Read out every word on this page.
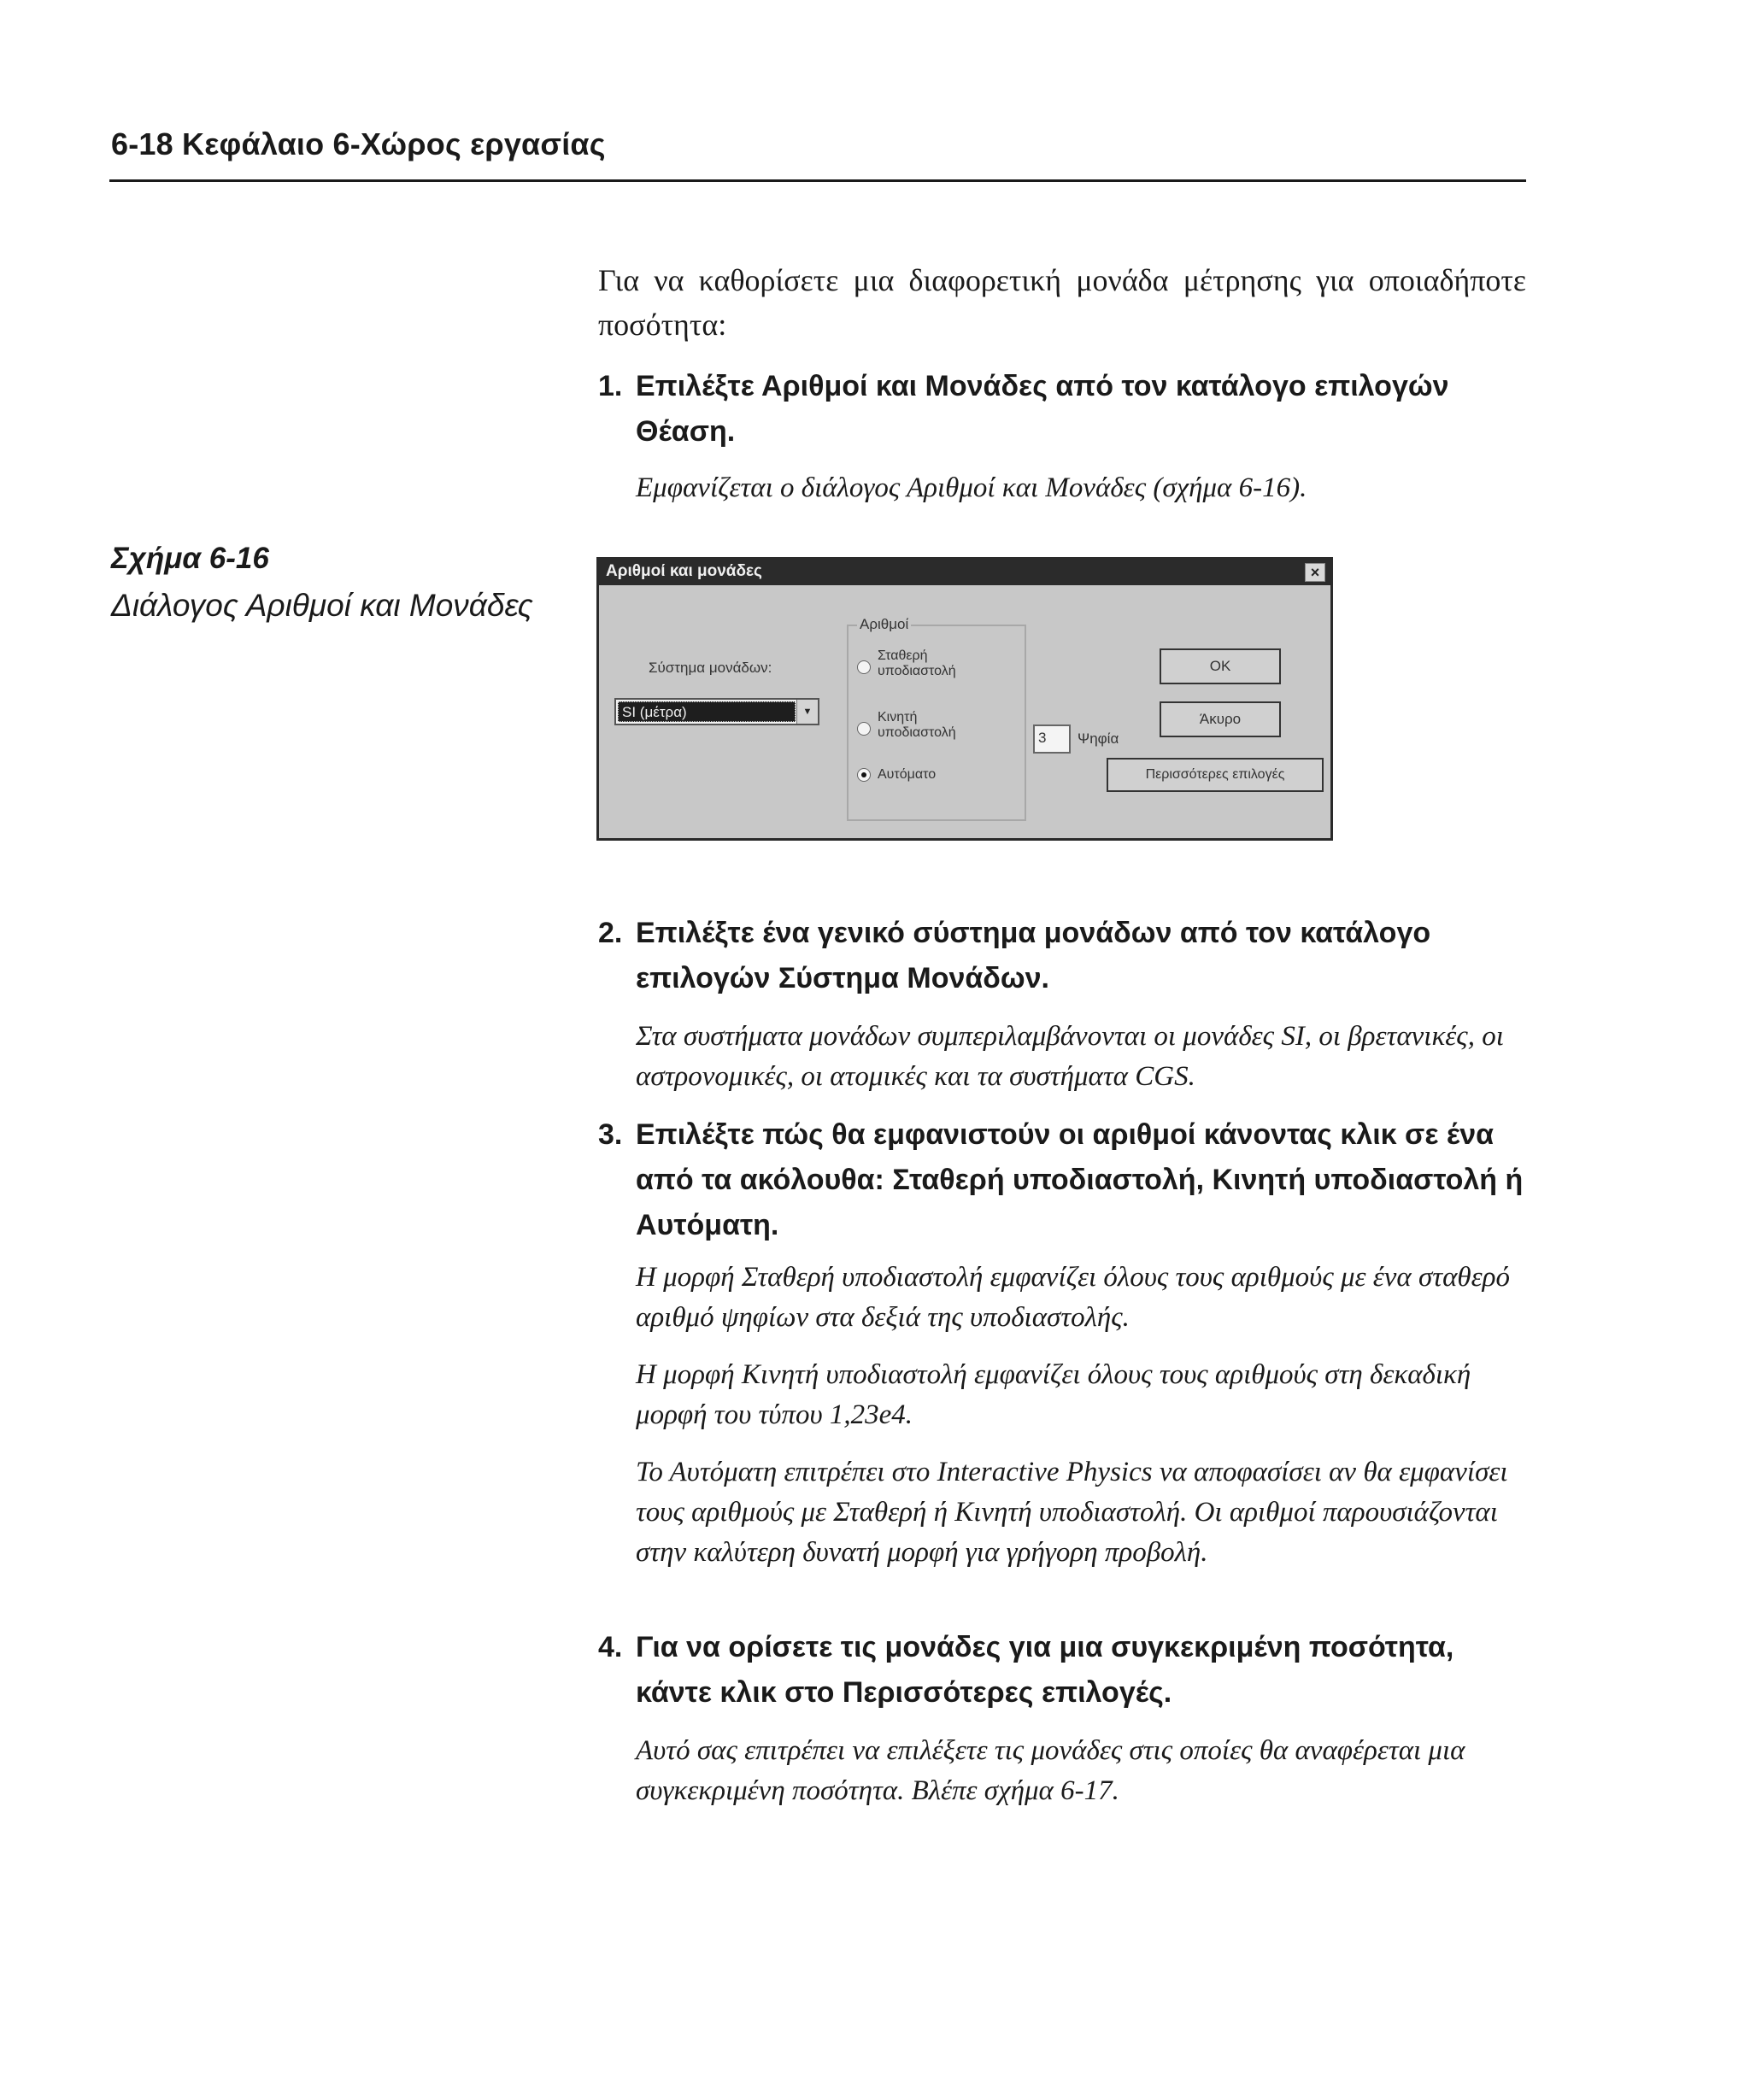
6-18 Κεφάλαιο 6-Χώρος εργασίας
Για να καθορίσετε μια διαφορετική μονάδα μέτρησης για οποιαδήποτε ποσότητα:
1. Επιλέξτε Αριθμοί και Μονάδες από τον κατάλογο επιλογών Θέαση.
Εμφανίζεται ο διάλογος Αριθμοί και Μονάδες (σχήμα 6-16).
Σχήμα 6-16
Διάλογος Αριθμοί και Μονάδες
Αριθμοί και μονάδες	×
Σύστημα μονάδων:
SI (μέτρα)	▼
Αριθμοί
Σταθερή υποδιαστολή
Κινητή υποδιαστολή
Αυτόματο
3	Ψηφία
OK
Άκυρο
Περισσότερες επιλογές
2. Επιλέξτε ένα γενικό σύστημα μονάδων από τον κατάλογο επιλογών Σύστημα Μονάδων.
Στα συστήματα μονάδων συμπεριλαμβάνονται οι μονάδες SI, οι βρετανικές, οι αστρονομικές, οι ατομικές και τα συστήματα CGS.
3. Επιλέξτε πώς θα εμφανιστούν οι αριθμοί κάνοντας κλικ σε ένα από τα ακόλουθα: Σταθερή υποδιαστολή, Κινητή υποδιαστολή ή Αυτόματη.
Η μορφή Σταθερή υποδιαστολή εμφανίζει όλους τους αριθμούς με ένα σταθερό αριθμό ψηφίων στα δεξιά της υποδιαστολής.
Η μορφή Κινητή υποδιαστολή εμφανίζει όλους τους αριθμούς στη δεκαδική μορφή του τύπου 1,23e4.
Το Αυτόματη επιτρέπει στο Interactive Physics να αποφασίσει αν θα εμφανίσει τους αριθμούς με Σταθερή ή Κινητή υποδιαστολή. Οι αριθμοί παρουσιάζονται στην καλύτερη δυνατή μορφή για γρήγορη προβολή.
4. Για να ορίσετε τις μονάδες για μια συγκεκριμένη ποσότητα, κάντε κλικ στο Περισσότερες επιλογές.
Αυτό σας επιτρέπει να επιλέξετε τις μονάδες στις οποίες θα αναφέρεται μια συγκεκριμένη ποσότητα. Βλέπε σχήμα 6-17.
